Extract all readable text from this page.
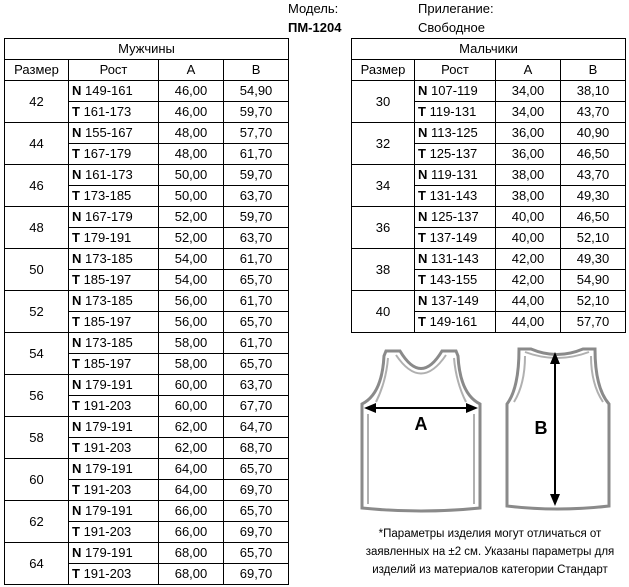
Модель:
ПМ-1204
Прилегание:
Свободное
Мужчины			
Размер	Рост	A	B
42	N 149-161	46,00	54,90
	T 161-173	46,00	59,70
44	N 155-167	48,00	57,70
	T 167-179	48,00	61,70
46	N 161-173	50,00	59,70
	T 173-185	50,00	63,70
48	N 167-179	52,00	59,70
	T 179-191	52,00	63,70
50	N 173-185	54,00	61,70
	T 185-197	54,00	65,70
52	N 173-185	56,00	61,70
	T 185-197	56,00	65,70
54	N 173-185	58,00	61,70
	T 185-197	58,00	65,70
56	N 179-191	60,00	63,70
	T 191-203	60,00	67,70
58	N 179-191	62,00	64,70
	T 191-203	62,00	68,70
60	N 179-191	64,00	65,70
	T 191-203	64,00	69,70
62	N 179-191	66,00	65,70
	T 191-203	66,00	69,70
64	N 179-191	68,00	65,70
	T 191-203	68,00	69,70
Мальчики			
Размер	Рост	A	B
30	N 107-119	34,00	38,10
	T 119-131	34,00	43,70
32	N 113-125	36,00	40,90
	T 125-137	36,00	46,50
34	N 119-131	38,00	43,70
	T 131-143	38,00	49,30
36	N 125-137	40,00	46,50
	T 137-149	40,00	52,10
38	N 131-143	42,00	49,30
	T 143-155	42,00	54,90
40	N 137-149	44,00	52,10
	T 149-161	44,00	57,70
A	B
*Параметры изделия могут отличаться от
заявленных на ±2 см. Указаны параметры для
изделий из материалов категории Стандарт
